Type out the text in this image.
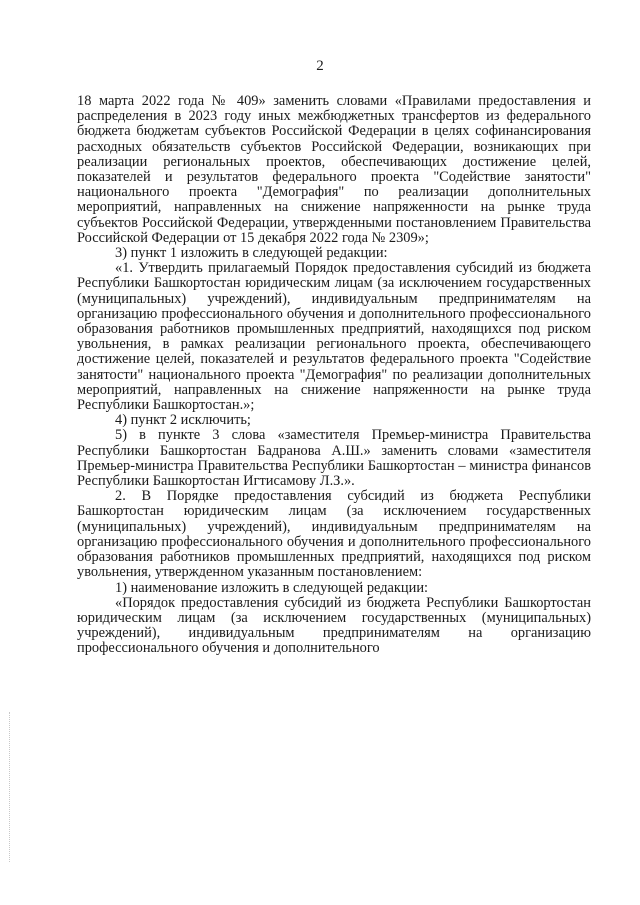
2

18 марта 2022 года № 409» заменить словами «Правилами предоставления и распределения в 2023 году иных межбюджетных трансфертов из федерального бюджета бюджетам субъектов Российской Федерации в целях софинансирования расходных обязательств субъектов Российской Федерации, возникающих при реализации региональных проектов, обеспечивающих достижение целей, показателей и результатов федерального проекта "Содействие занятости" национального проекта "Демография" по реализации дополнительных мероприятий, направленных на снижение напряженности на рынке труда субъектов Российской Федерации, утвержденными постановлением Правительства Российской Федерации от 15 декабря 2022 года № 2309»;

3) пункт 1 изложить в следующей редакции:

«1. Утвердить прилагаемый Порядок предоставления субсидий из бюджета Республики Башкортостан юридическим лицам (за исключением государственных (муниципальных) учреждений), индивидуальным предпринимателям на организацию профессионального обучения и дополнительного профессионального образования работников промышленных предприятий, находящихся под риском увольнения, в рамках реализации регионального проекта, обеспечивающего достижение целей, показателей и результатов федерального проекта "Содействие занятости" национального проекта "Демография" по реализации дополнительных мероприятий, направленных на снижение напряженности на рынке труда Республики Башкортостан.»;

4) пункт 2 исключить;

5) в пункте 3 слова «заместителя Премьер-министра Правительства Республики Башкортостан Бадранова А.Ш.» заменить словами «заместителя Премьер-министра Правительства Республики Башкортостан – министра финансов Республики Башкортостан Игтисамову Л.З.».

2. В Порядке предоставления субсидий из бюджета Республики Башкортостан юридическим лицам (за исключением государственных (муниципальных) учреждений), индивидуальным предпринимателям на организацию профессионального обучения и дополнительного профессионального образования работников промышленных предприятий, находящихся под риском увольнения, утвержденном указанным постановлением:

1) наименование изложить в следующей редакции:

«Порядок предоставления субсидий из бюджета Республики Башкортостан юридическим лицам (за исключением государственных (муниципальных) учреждений), индивидуальным предпринимателям на организацию профессионального обучения и дополнительного
